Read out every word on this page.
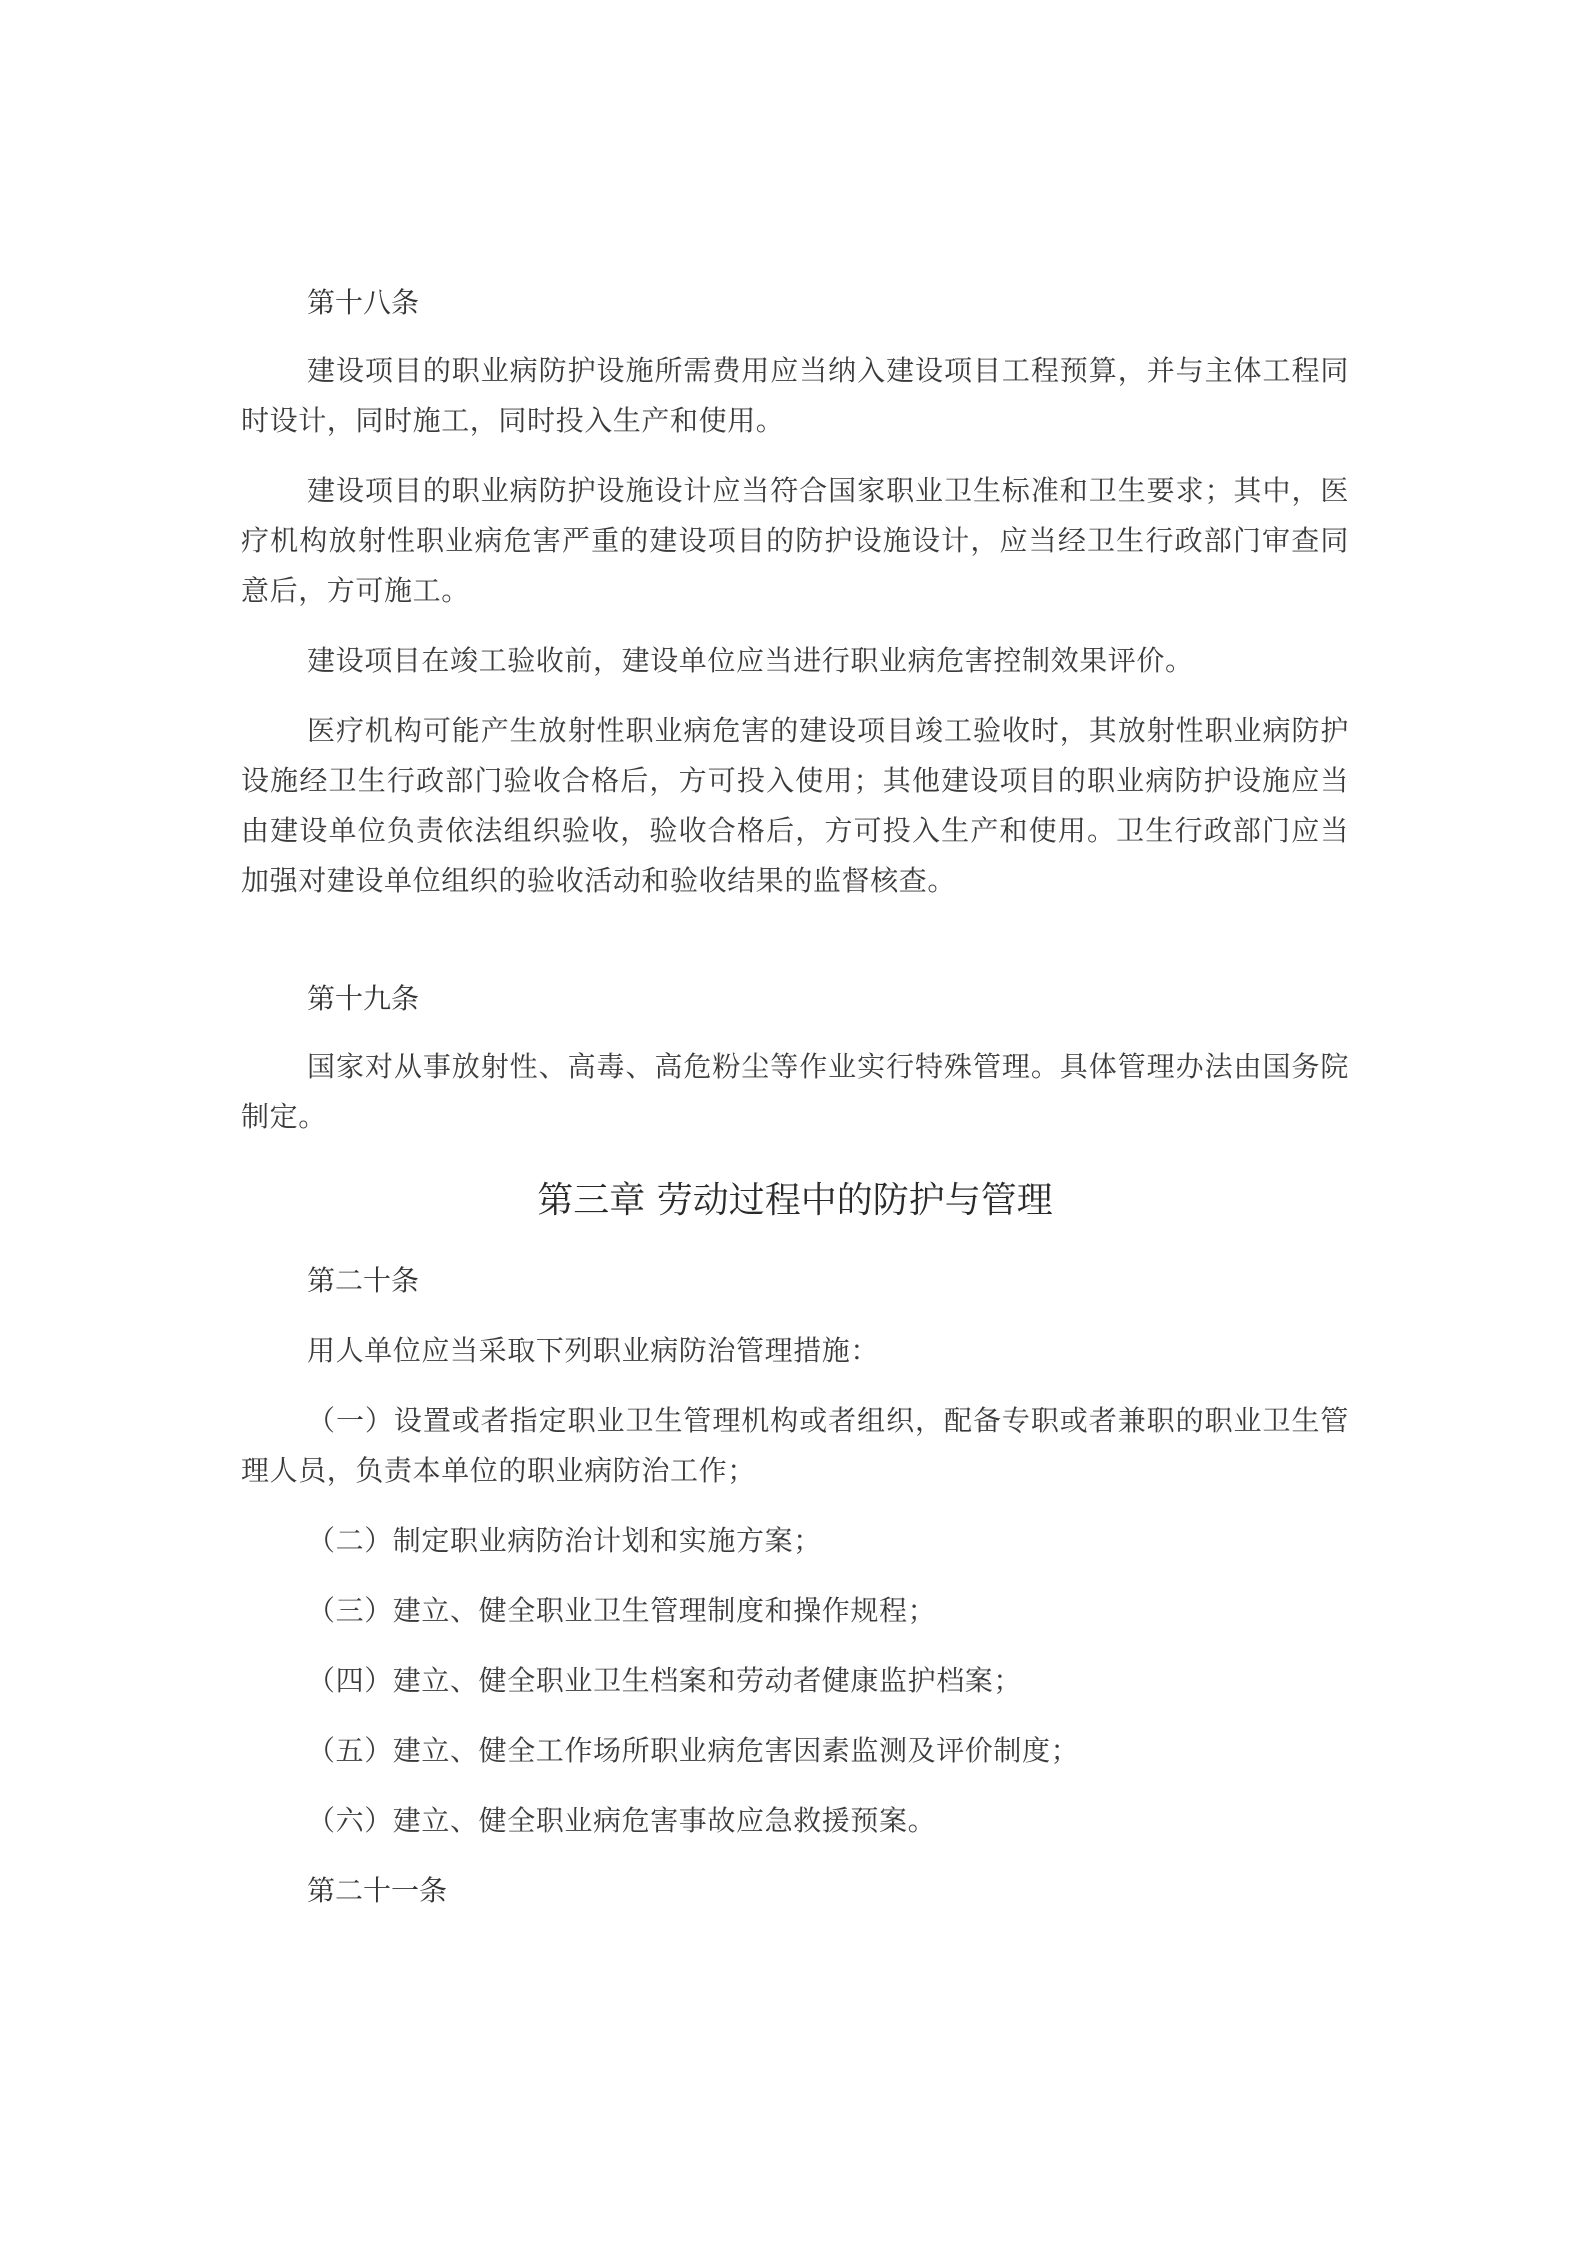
第十八条

建设项目的职业病防护设施所需费用应当纳入建设项目工程预算，并与主体工程同时设计，同时施工，同时投入生产和使用。

建设项目的职业病防护设施设计应当符合国家职业卫生标准和卫生要求；其中，医疗机构放射性职业病危害严重的建设项目的防护设施设计，应当经卫生行政部门审查同意后，方可施工。

建设项目在竣工验收前，建设单位应当进行职业病危害控制效果评价。

医疗机构可能产生放射性职业病危害的建设项目竣工验收时，其放射性职业病防护设施经卫生行政部门验收合格后，方可投入使用；其他建设项目的职业病防护设施应当由建设单位负责依法组织验收，验收合格后，方可投入生产和使用。卫生行政部门应当加强对建设单位组织的验收活动和验收结果的监督核查。

第十九条

国家对从事放射性、高毒、高危粉尘等作业实行特殊管理。具体管理办法由国务院制定。

第三章 劳动过程中的防护与管理

第二十条

用人单位应当采取下列职业病防治管理措施：

（一）设置或者指定职业卫生管理机构或者组织，配备专职或者兼职的职业卫生管理人员，负责本单位的职业病防治工作；

（二）制定职业病防治计划和实施方案；

（三）建立、健全职业卫生管理制度和操作规程；

（四）建立、健全职业卫生档案和劳动者健康监护档案；

（五）建立、健全工作场所职业病危害因素监测及评价制度；

（六）建立、健全职业病危害事故应急救援预案。

第二十一条
